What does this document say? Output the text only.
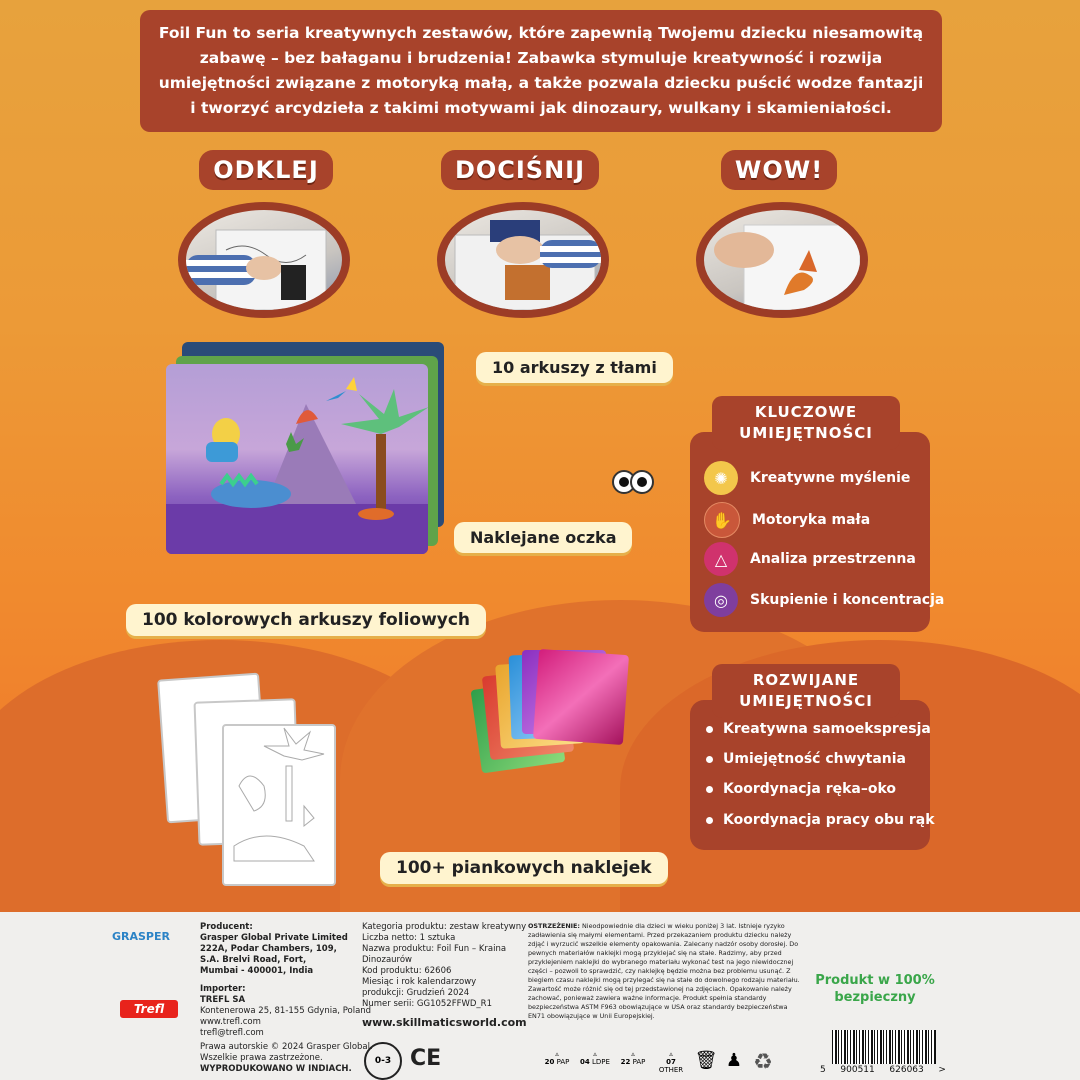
Foil Fun to seria kreatywnych zestawów, które zapewnią Twojemu dziecku niesamowitą zabawę – bez bałaganu i brudzenia! Zabawka stymuluje kreatywność i rozwija umiejętności związane z motoryką małą, a także pozwala dziecku puścić wodze fantazji i tworzyć arcydzieła z takimi motywami jak dinozaury, wulkany i skamieniałości.
ODKLEJ	DOCIŚNIJ	WOW!
10 arkuszy z tłami
Naklejane oczka
KLUCZOWE
UMIEJĘTNOŚCI
✺	Kreatywne myślenie
✋	Motoryka mała
△	Analiza przestrzenna
◎	Skupienie i koncentracja
100 kolorowych arkuszy foliowych
ROZWIJANE
UMIEJĘTNOŚCI
Kreatywna samoekspresja
Umiejętność chwytania
Koordynacja ręka–oko
Koordynacja pracy obu rąk
100+ piankowych naklejek
GRASPER
Trefl
Producent:
Grasper Global Private Limited
222A, Podar Chambers, 109,
S.A. Brelvi Road, Fort,
Mumbai - 400001, India
Importer:
TREFL SA
Kontenerowa 25, 81-155 Gdynia, Poland
www.trefl.com
trefl@trefl.com
Prawa autorskie © 2024 Grasper Global.
Wszelkie prawa zastrzeżone.
WYPRODUKOWANO W INDIACH.
Kategoria produktu: zestaw kreatywny
Liczba netto: 1 sztuka
Nazwa produktu: Foil Fun – Kraina
Dinozaurów
Kod produktu: 62606
Miesiąc i rok kalendarzowy
produkcji: Grudzień 2024
Numer serii: GG1052FFWD_R1
www.skillmaticsworld.com
0-3 CE
OSTRZEŻENIE: Nieodpowiednie dla dzieci w wieku poniżej 3 lat. Istnieje ryzyko zadławienia się małymi elementami. Przed przekazaniem produktu dziecku należy zdjąć i wyrzucić wszelkie elementy opakowania. Zalecany nadzór osoby dorosłej. Do pewnych materiałów naklejki mogą przyklejać się na stałe. Radzimy, aby przed przyklejeniem naklejki do wybranego materiału wykonać test na jego niewidocznej części – pozwoli to sprawdzić, czy naklejkę będzie można bez problemu usunąć. Z biegiem czasu naklejki mogą przylegać się na stałe do dowolnego rodzaju materiału. Zawartość może różnić się od tej przedstawionej na zdjęciach. Opakowanie należy zachować, ponieważ zawiera ważne informacje. Produkt spełnia standardy bezpieczeństwa ASTM F963 obowiązujące w USA oraz standardy bezpieczeństwa EN71 obowiązujące w Unii Europejskiej.
▵
20 PAP
▵
04 LDPE
▵
22 PAP
▵
07 OTHER 🗑 ♟ ♻
Produkt w 100%
bezpieczny
5 900511 626063 >
